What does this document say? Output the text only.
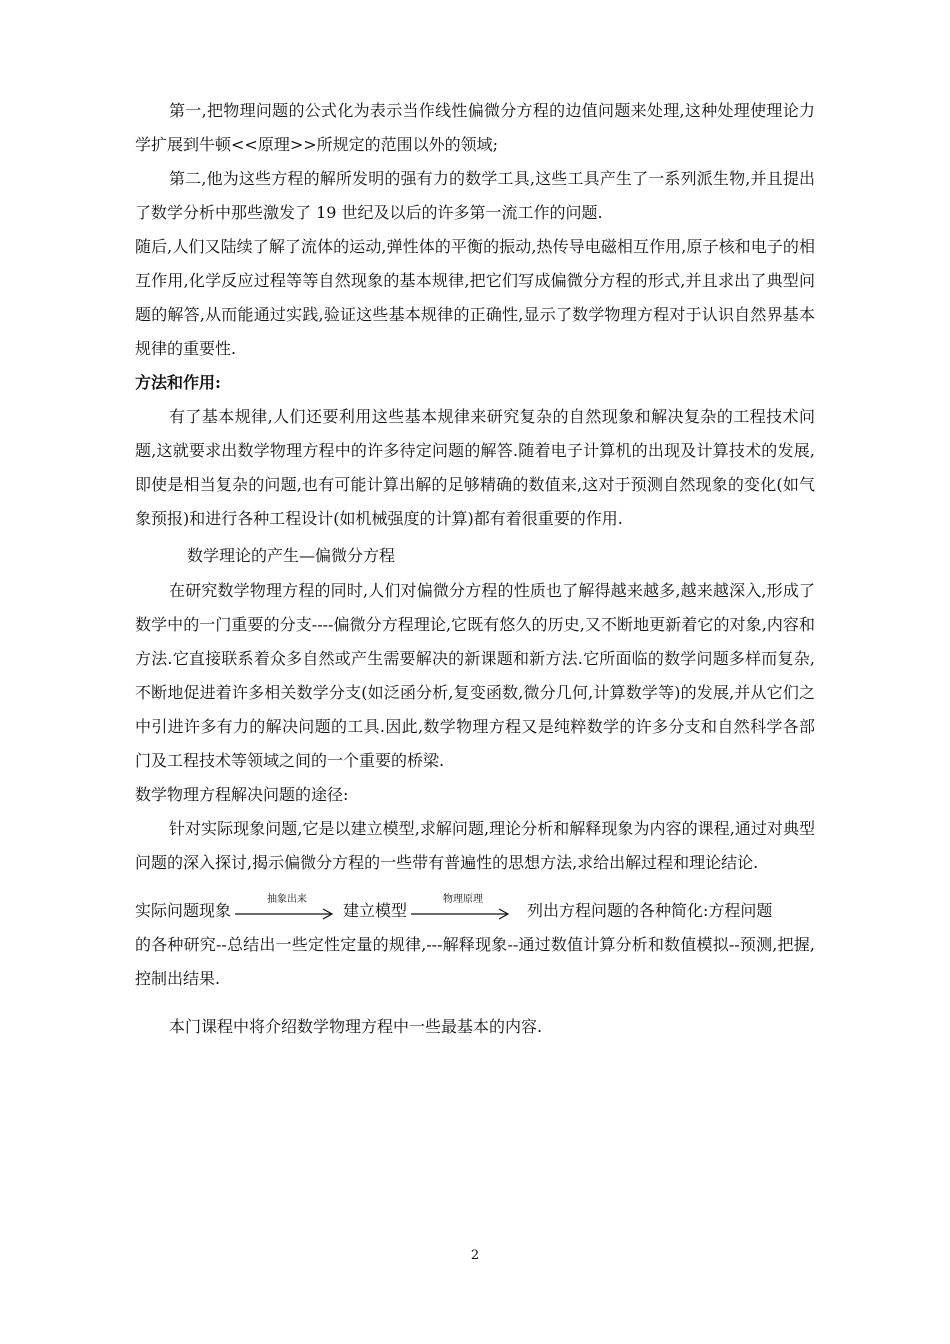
第一,把物理问题的公式化为表示当作线性偏微分方程的边值问题来处理,这种处理使理论力学扩展到牛顿<<原理>>所规定的范围以外的领域;

第二,他为这些方程的解所发明的强有力的数学工具,这些工具产生了一系列派生物,并且提出了数学分析中那些激发了 19 世纪及以后的许多第一流工作的问题.

随后,人们又陆续了解了流体的运动,弹性体的平衡的振动,热传导电磁相互作用,原子核和电子的相互作用,化学反应过程等等自然现象的基本规律,把它们写成偏微分方程的形式,并且求出了典型问题的解答,从而能通过实践,验证这些基本规律的正确性,显示了数学物理方程对于认识自然界基本规律的重要性.

方法和作用:

有了基本规律,人们还要利用这些基本规律来研究复杂的自然现象和解决复杂的工程技术问题,这就要求出数学物理方程中的许多待定问题的解答.随着电子计算机的出现及计算技术的发展,即使是相当复杂的问题,也有可能计算出解的足够精确的数值来,这对于预测自然现象的变化(如气象预报)和进行各种工程设计(如机械强度的计算)都有着很重要的作用.

数学理论的产生—偏微分方程

在研究数学物理方程的同时,人们对偏微分方程的性质也了解得越来越多,越来越深入,形成了数学中的一门重要的分支----偏微分方程理论,它既有悠久的历史,又不断地更新着它的对象,内容和方法.它直接联系着众多自然或产生需要解决的新课题和新方法.它所面临的数学问题多样而复杂,不断地促进着许多相关数学分支(如泛函分析,复变函数,微分几何,计算数学等)的发展,并从它们之中引进许多有力的解决问题的工具.因此,数学物理方程又是纯粹数学的许多分支和自然科学各部门及工程技术等领域之间的一个重要的桥梁.

数学物理方程解决问题的途径:

针对实际现象问题,它是以建立模型,求解问题,理论分析和解释现象为内容的课程,通过对典型问题的深入探讨,揭示偏微分方程的一些带有普遍性的思想方法,求给出解过程和理论结论.

实际问题现象
抽象出来
建立模型
物理原理
列出方程问题的各种简化:方程问题

的各种研究--总结出一些定性定量的规律,---解释现象--通过数值计算分析和数值模拟--预测,把握,控制出结果.

本门课程中将介绍数学物理方程中一些最基本的内容.

2
